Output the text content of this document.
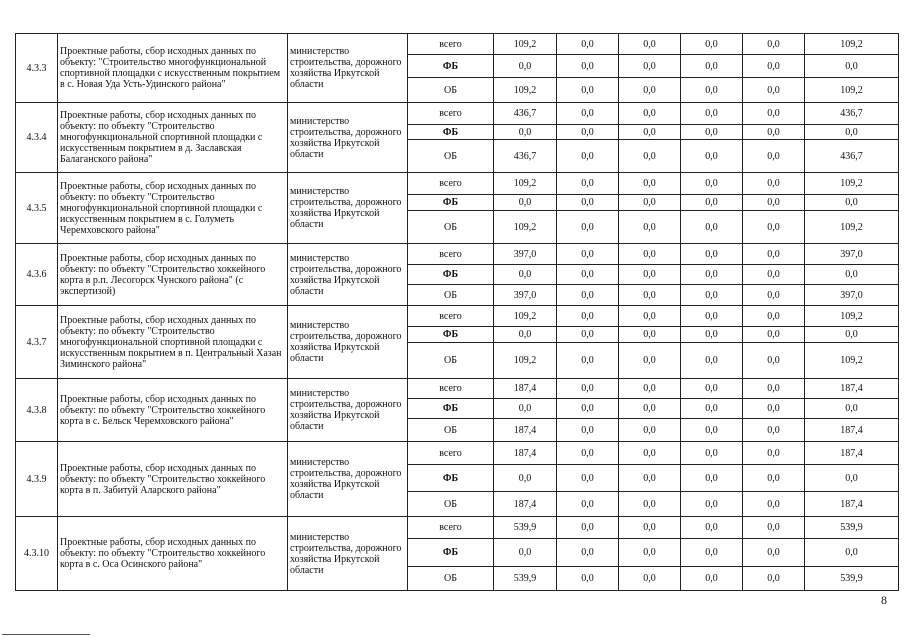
4.3.3	Проектные работы, сбор исходных данных по объекту: "Строительство многофункциональной спортивной площадки с искусственным покрытием в с. Новая Уда Усть-Удинского района"	министерство строительства, дорожного хозяйства Иркутской области	всего	109,2	0,0	0,0	0,0	0,0	109,2
			ФБ	0,0	0,0	0,0	0,0	0,0	0,0
			ОБ	109,2	0,0	0,0	0,0	0,0	109,2
4.3.4	Проектные работы, сбор исходных данных по объекту: по объекту "Строительство многофункциональной спортивной площадки с искусственным покрытием в д. Заславская Балаганского района"	министерство строительства, дорожного хозяйства Иркутской области	всего	436,7	0,0	0,0	0,0	0,0	436,7
			ФБ	0,0	0,0	0,0	0,0	0,0	0,0
			ОБ	436,7	0,0	0,0	0,0	0,0	436,7
4.3.5	Проектные работы, сбор исходных данных по объекту: по объекту "Строительство многофункциональной спортивной площадки с искусственным покрытием в с. Голуметь Черемховского района"	министерство строительства, дорожного хозяйства Иркутской области	всего	109,2	0,0	0,0	0,0	0,0	109,2
			ФБ	0,0	0,0	0,0	0,0	0,0	0,0
			ОБ	109,2	0,0	0,0	0,0	0,0	109,2
4.3.6	Проектные работы, сбор исходных данных по объекту: по объекту "Строительство хоккейного корта в р.п. Лесогорск Чунского района" (с экспертизой)	министерство строительства, дорожного хозяйства Иркутской области	всего	397,0	0,0	0,0	0,0	0,0	397,0
			ФБ	0,0	0,0	0,0	0,0	0,0	0,0
			ОБ	397,0	0,0	0,0	0,0	0,0	397,0
4.3.7	Проектные работы, сбор исходных данных по объекту: по объекту "Строительство многофункциональной спортивной площадки с искусственным покрытием в п. Центральный Хазан Зиминского района"	министерство строительства, дорожного хозяйства Иркутской области	всего	109,2	0,0	0,0	0,0	0,0	109,2
			ФБ	0,0	0,0	0,0	0,0	0,0	0,0
			ОБ	109,2	0,0	0,0	0,0	0,0	109,2
4.3.8	Проектные работы, сбор исходных данных по объекту: по объекту "Строительство хоккейного корта в с. Бельск Черемховского района"	министерство строительства, дорожного хозяйства Иркутской области	всего	187,4	0,0	0,0	0,0	0,0	187,4
			ФБ	0,0	0,0	0,0	0,0	0,0	0,0
			ОБ	187,4	0,0	0,0	0,0	0,0	187,4
4.3.9	Проектные работы, сбор исходных данных по объекту: по объекту "Строительство хоккейного корта в п. Забитуй Аларского района"	министерство строительства, дорожного хозяйства Иркутской области	всего	187,4	0,0	0,0	0,0	0,0	187,4
			ФБ	0,0	0,0	0,0	0,0	0,0	0,0
			ОБ	187,4	0,0	0,0	0,0	0,0	187,4
4.3.10	Проектные работы, сбор исходных данных по объекту: по объекту "Строительство хоккейного корта в с. Оса Осинского района"	министерство строительства, дорожного хозяйства Иркутской области	всего	539,9	0,0	0,0	0,0	0,0	539,9
			ФБ	0,0	0,0	0,0	0,0	0,0	0,0
			ОБ	539,9	0,0	0,0	0,0	0,0	539,9
8
